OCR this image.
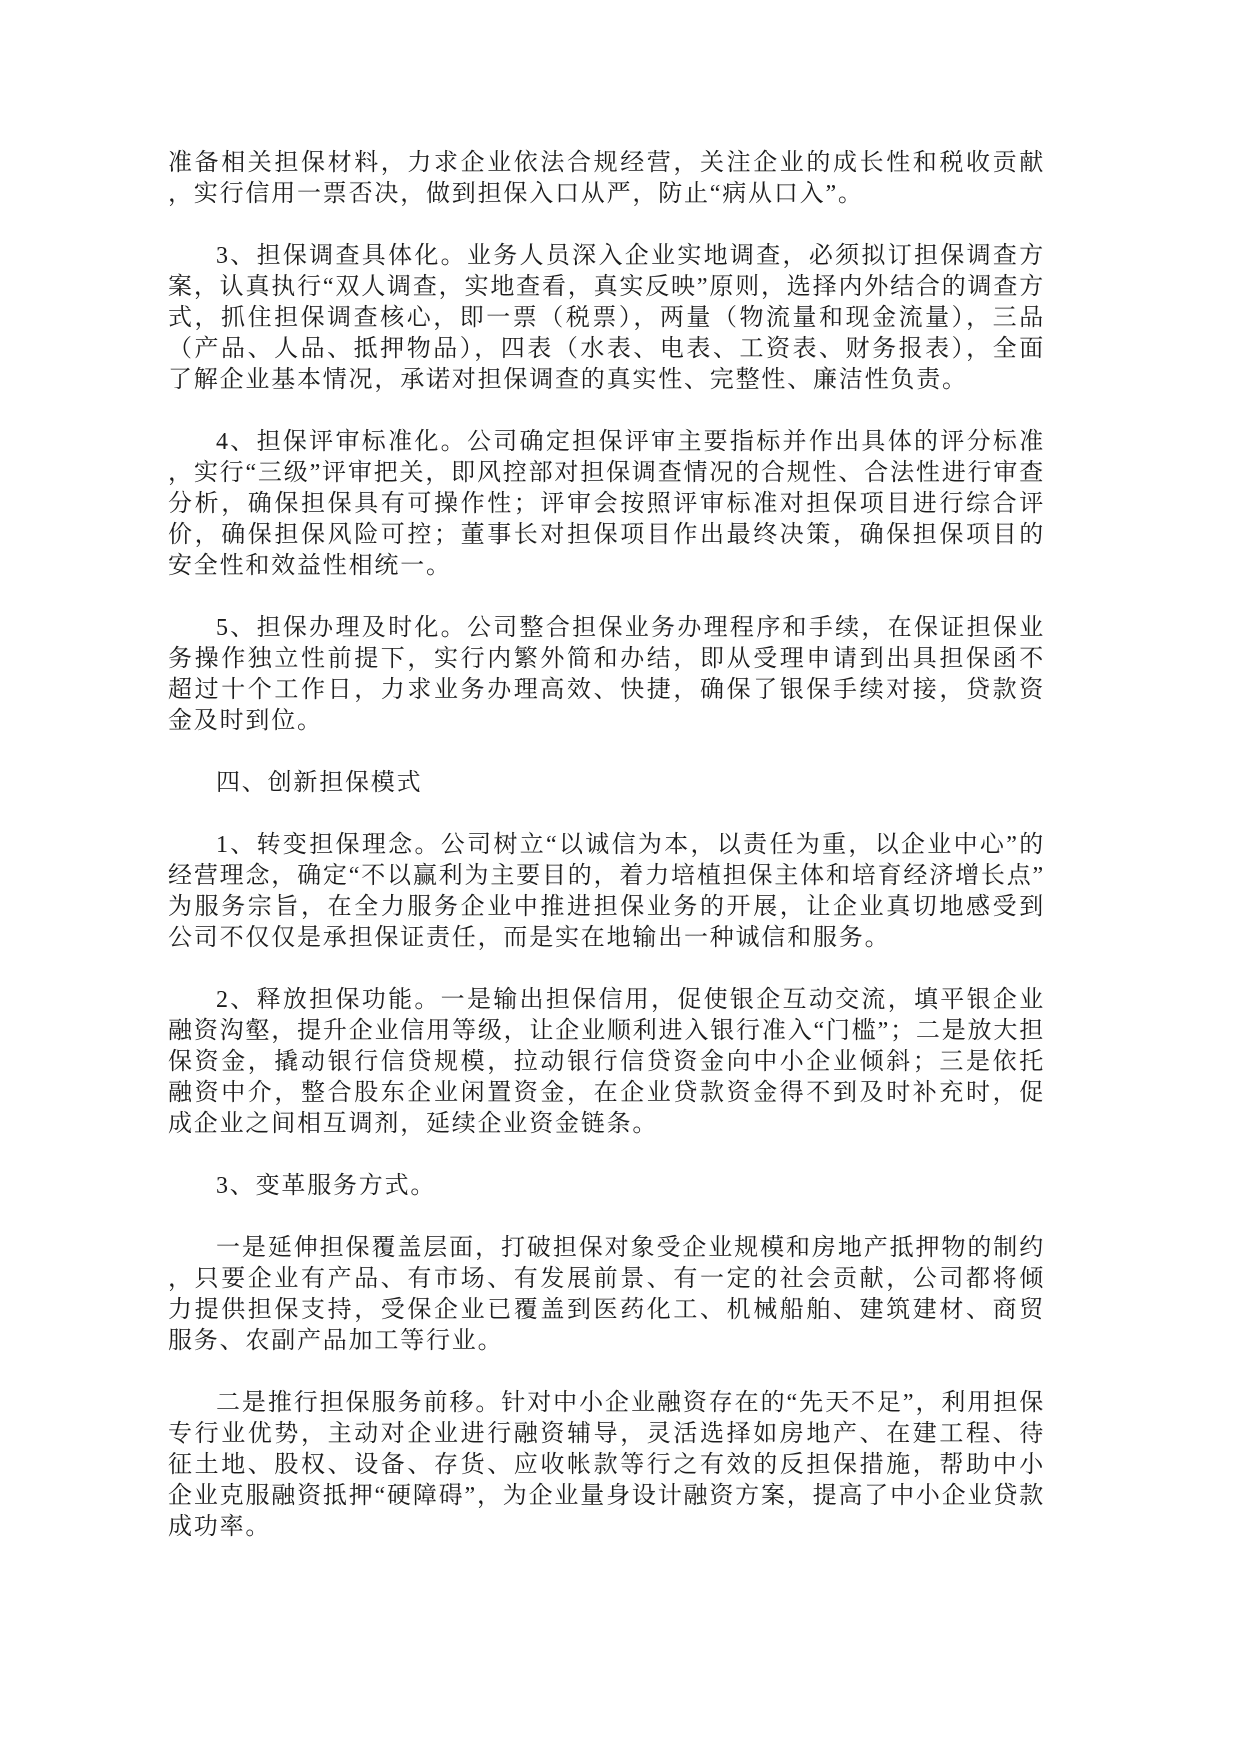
准备相关担保材料，力求企业依法合规经营，关注企业的成长性和税收贡献，实行信用一票否决，做到担保入口从严，防止“病从口入”。

3、担保调查具体化。业务人员深入企业实地调查，必须拟订担保调查方案，认真执行“双人调查，实地查看，真实反映”原则，选择内外结合的调查方式，抓住担保调查核心，即一票（税票），两量（物流量和现金流量），三品（产品、人品、抵押物品），四表（水表、电表、工资表、财务报表），全面了解企业基本情况，承诺对担保调查的真实性、完整性、廉洁性负责。

4、担保评审标准化。公司确定担保评审主要指标并作出具体的评分标准，实行“三级”评审把关，即风控部对担保调查情况的合规性、合法性进行审查分析，确保担保具有可操作性；评审会按照评审标准对担保项目进行综合评价，确保担保风险可控；董事长对担保项目作出最终决策，确保担保项目的安全性和效益性相统一。

5、担保办理及时化。公司整合担保业务办理程序和手续，在保证担保业务操作独立性前提下，实行内繁外简和办结，即从受理申请到出具担保函不超过十个工作日，力求业务办理高效、快捷，确保了银保手续对接，贷款资金及时到位。

四、创新担保模式

1、转变担保理念。公司树立“以诚信为本，以责任为重，以企业中心”的经营理念，确定“不以赢利为主要目的，着力培植担保主体和培育经济增长点”为服务宗旨，在全力服务企业中推进担保业务的开展，让企业真切地感受到公司不仅仅是承担保证责任，而是实在地输出一种诚信和服务。

2、释放担保功能。一是输出担保信用，促使银企互动交流，填平银企业融资沟壑，提升企业信用等级，让企业顺利进入银行准入“门槛”；二是放大担保资金，撬动银行信贷规模，拉动银行信贷资金向中小企业倾斜；三是依托融资中介，整合股东企业闲置资金，在企业贷款资金得不到及时补充时，促成企业之间相互调剂，延续企业资金链条。

3、变革服务方式。

一是延伸担保覆盖层面，打破担保对象受企业规模和房地产抵押物的制约，只要企业有产品、有市场、有发展前景、有一定的社会贡献，公司都将倾力提供担保支持，受保企业已覆盖到医药化工、机械船舶、建筑建材、商贸服务、农副产品加工等行业。

二是推行担保服务前移。针对中小企业融资存在的“先天不足”，利用担保专行业优势，主动对企业进行融资辅导，灵活选择如房地产、在建工程、待征土地、股权、设备、存货、应收帐款等行之有效的反担保措施，帮助中小企业克服融资抵押“硬障碍”，为企业量身设计融资方案，提高了中小企业贷款成功率。
